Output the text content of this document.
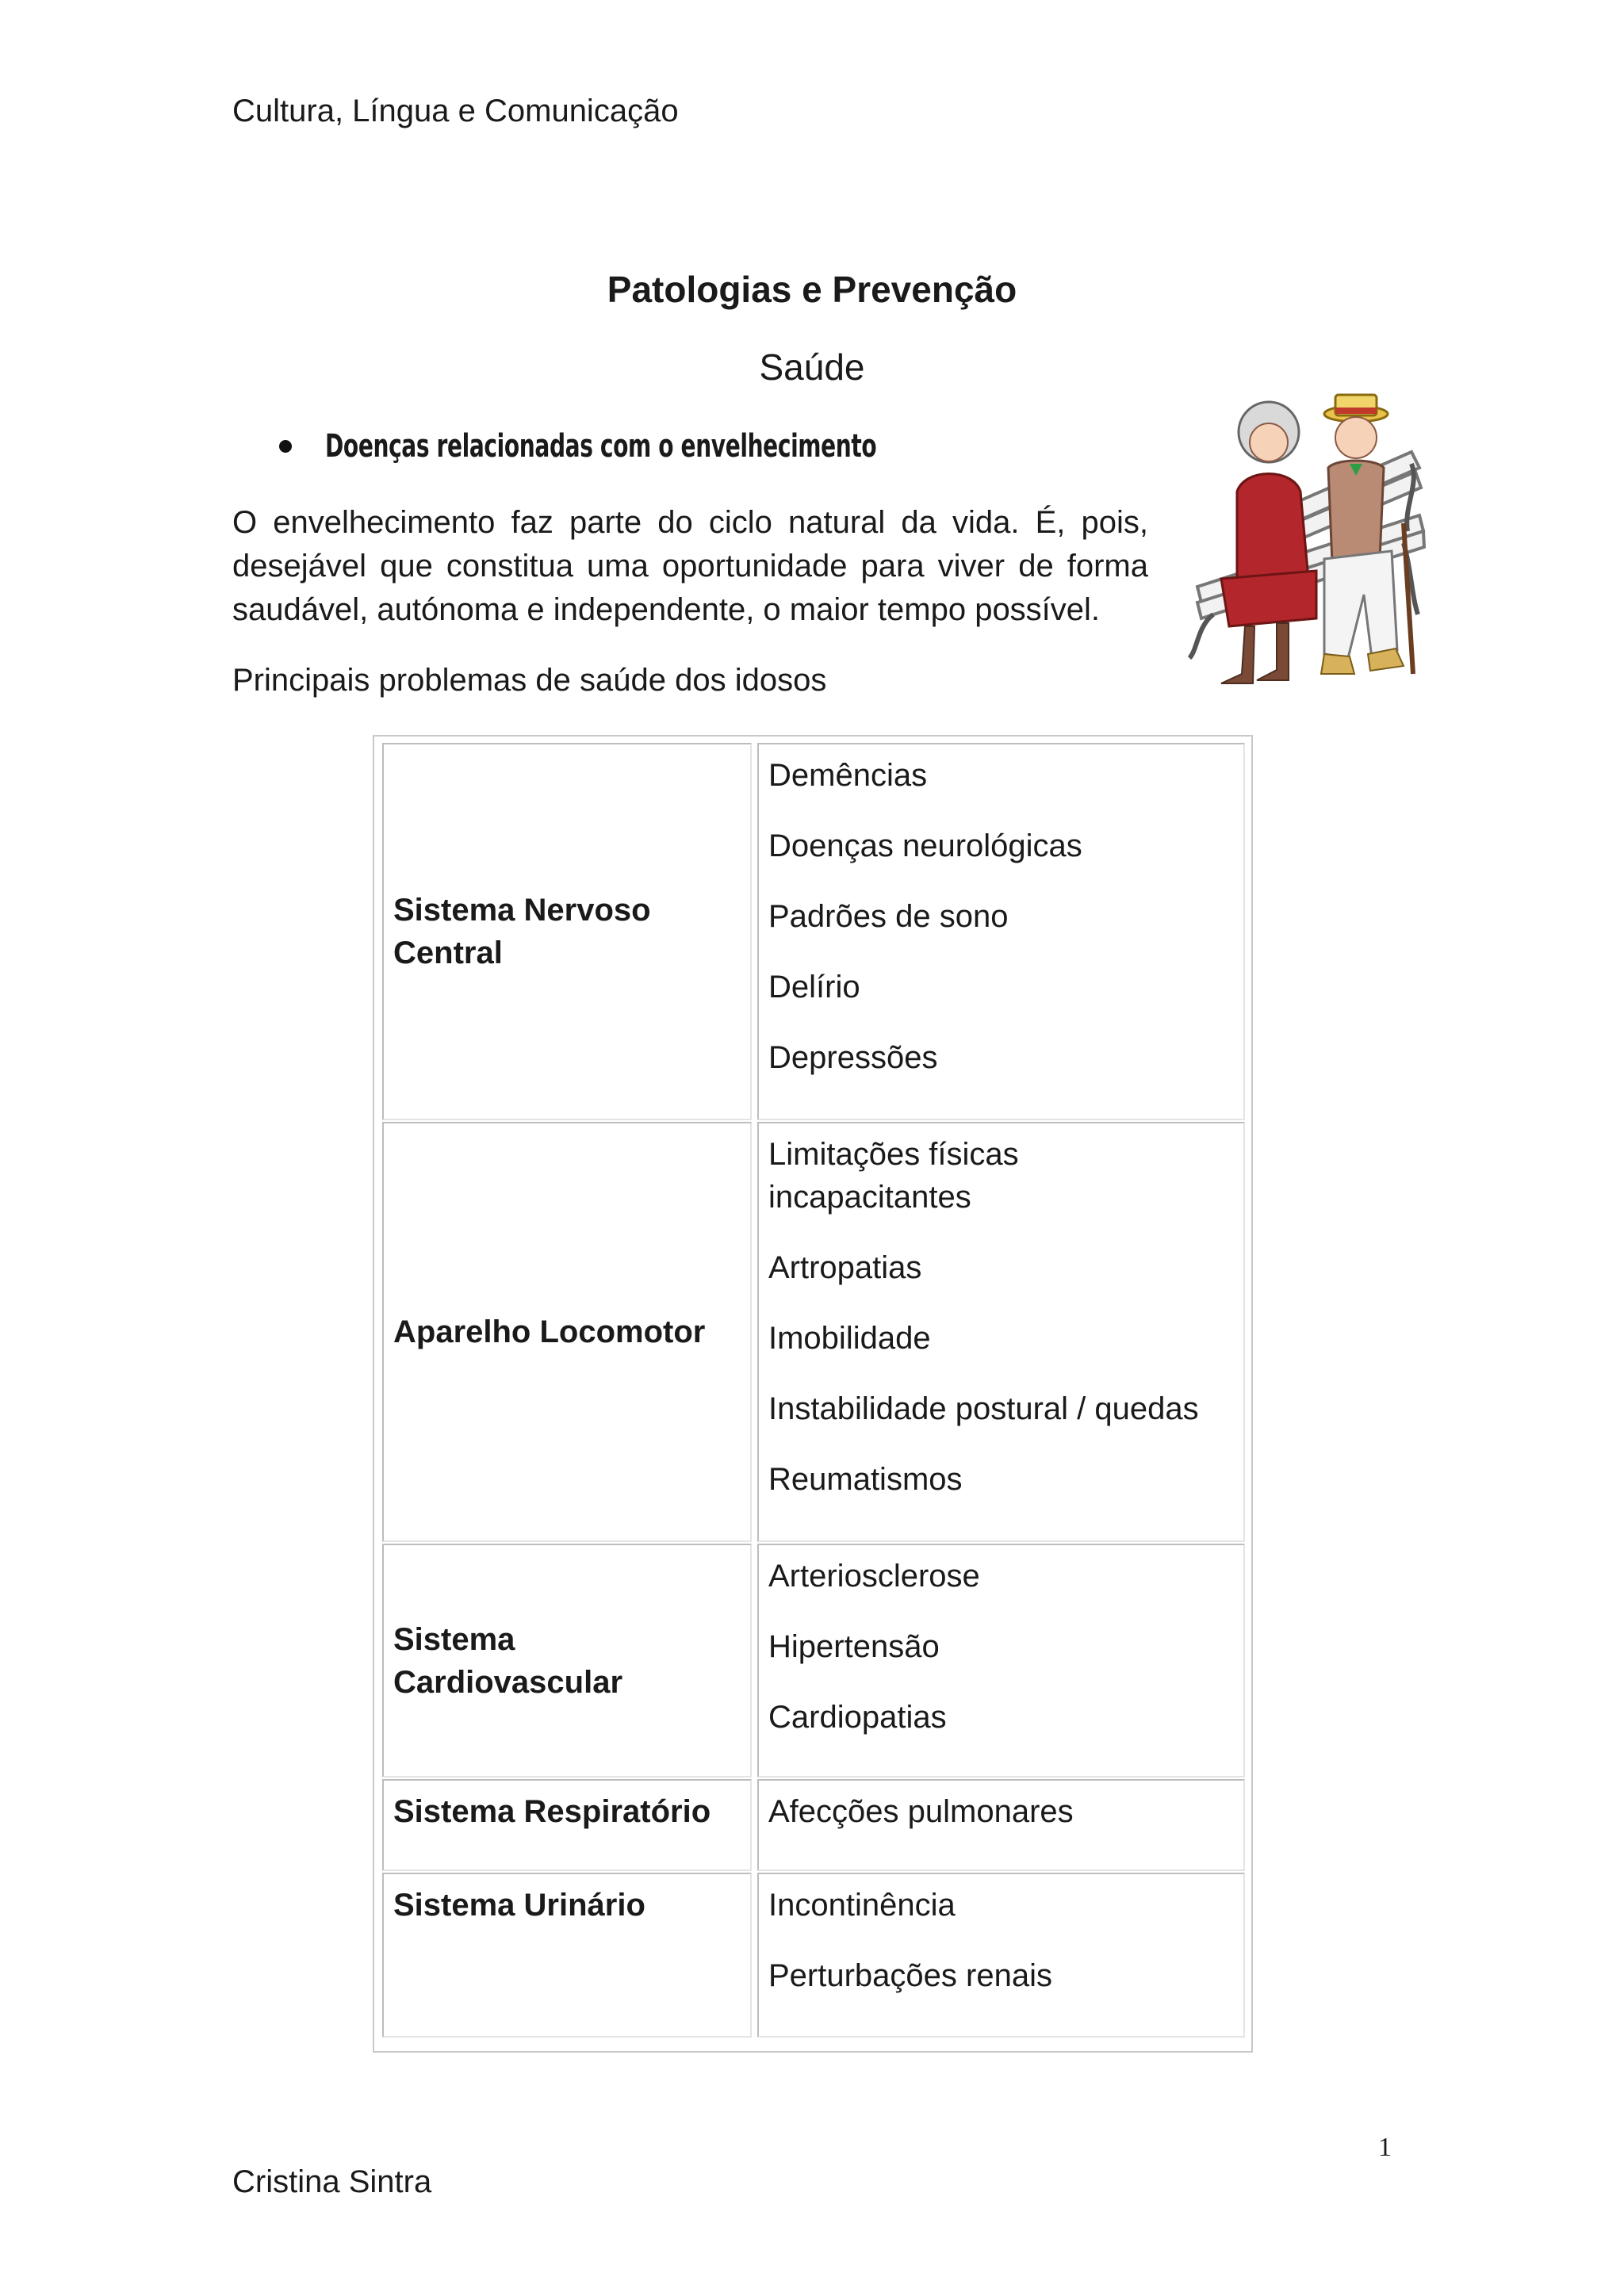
Cultura, Língua e Comunicação
Patologias e Prevenção
Saúde
Doenças relacionadas com o envelhecimento
O envelhecimento faz parte do ciclo natural da vida. É, pois, desejável que constitua uma oportunidade para viver de forma saudável, autónoma e independente, o maior tempo possível.
Principais problemas de saúde dos idosos
Sistema Nervoso Central
Demências
Doenças neurológicas
Padrões de sono
Delírio
Depressões
Aparelho Locomotor
Limitações físicas incapacitantes
Artropatias
Imobilidade
Instabilidade postural / quedas
Reumatismos
Sistema Cardiovascular
Arteriosclerose
Hipertensão
Cardiopatias
Sistema Respiratório Afecções pulmonares
Sistema Urinário	Incontinência
Perturbações renais
1
Cristina Sintra
